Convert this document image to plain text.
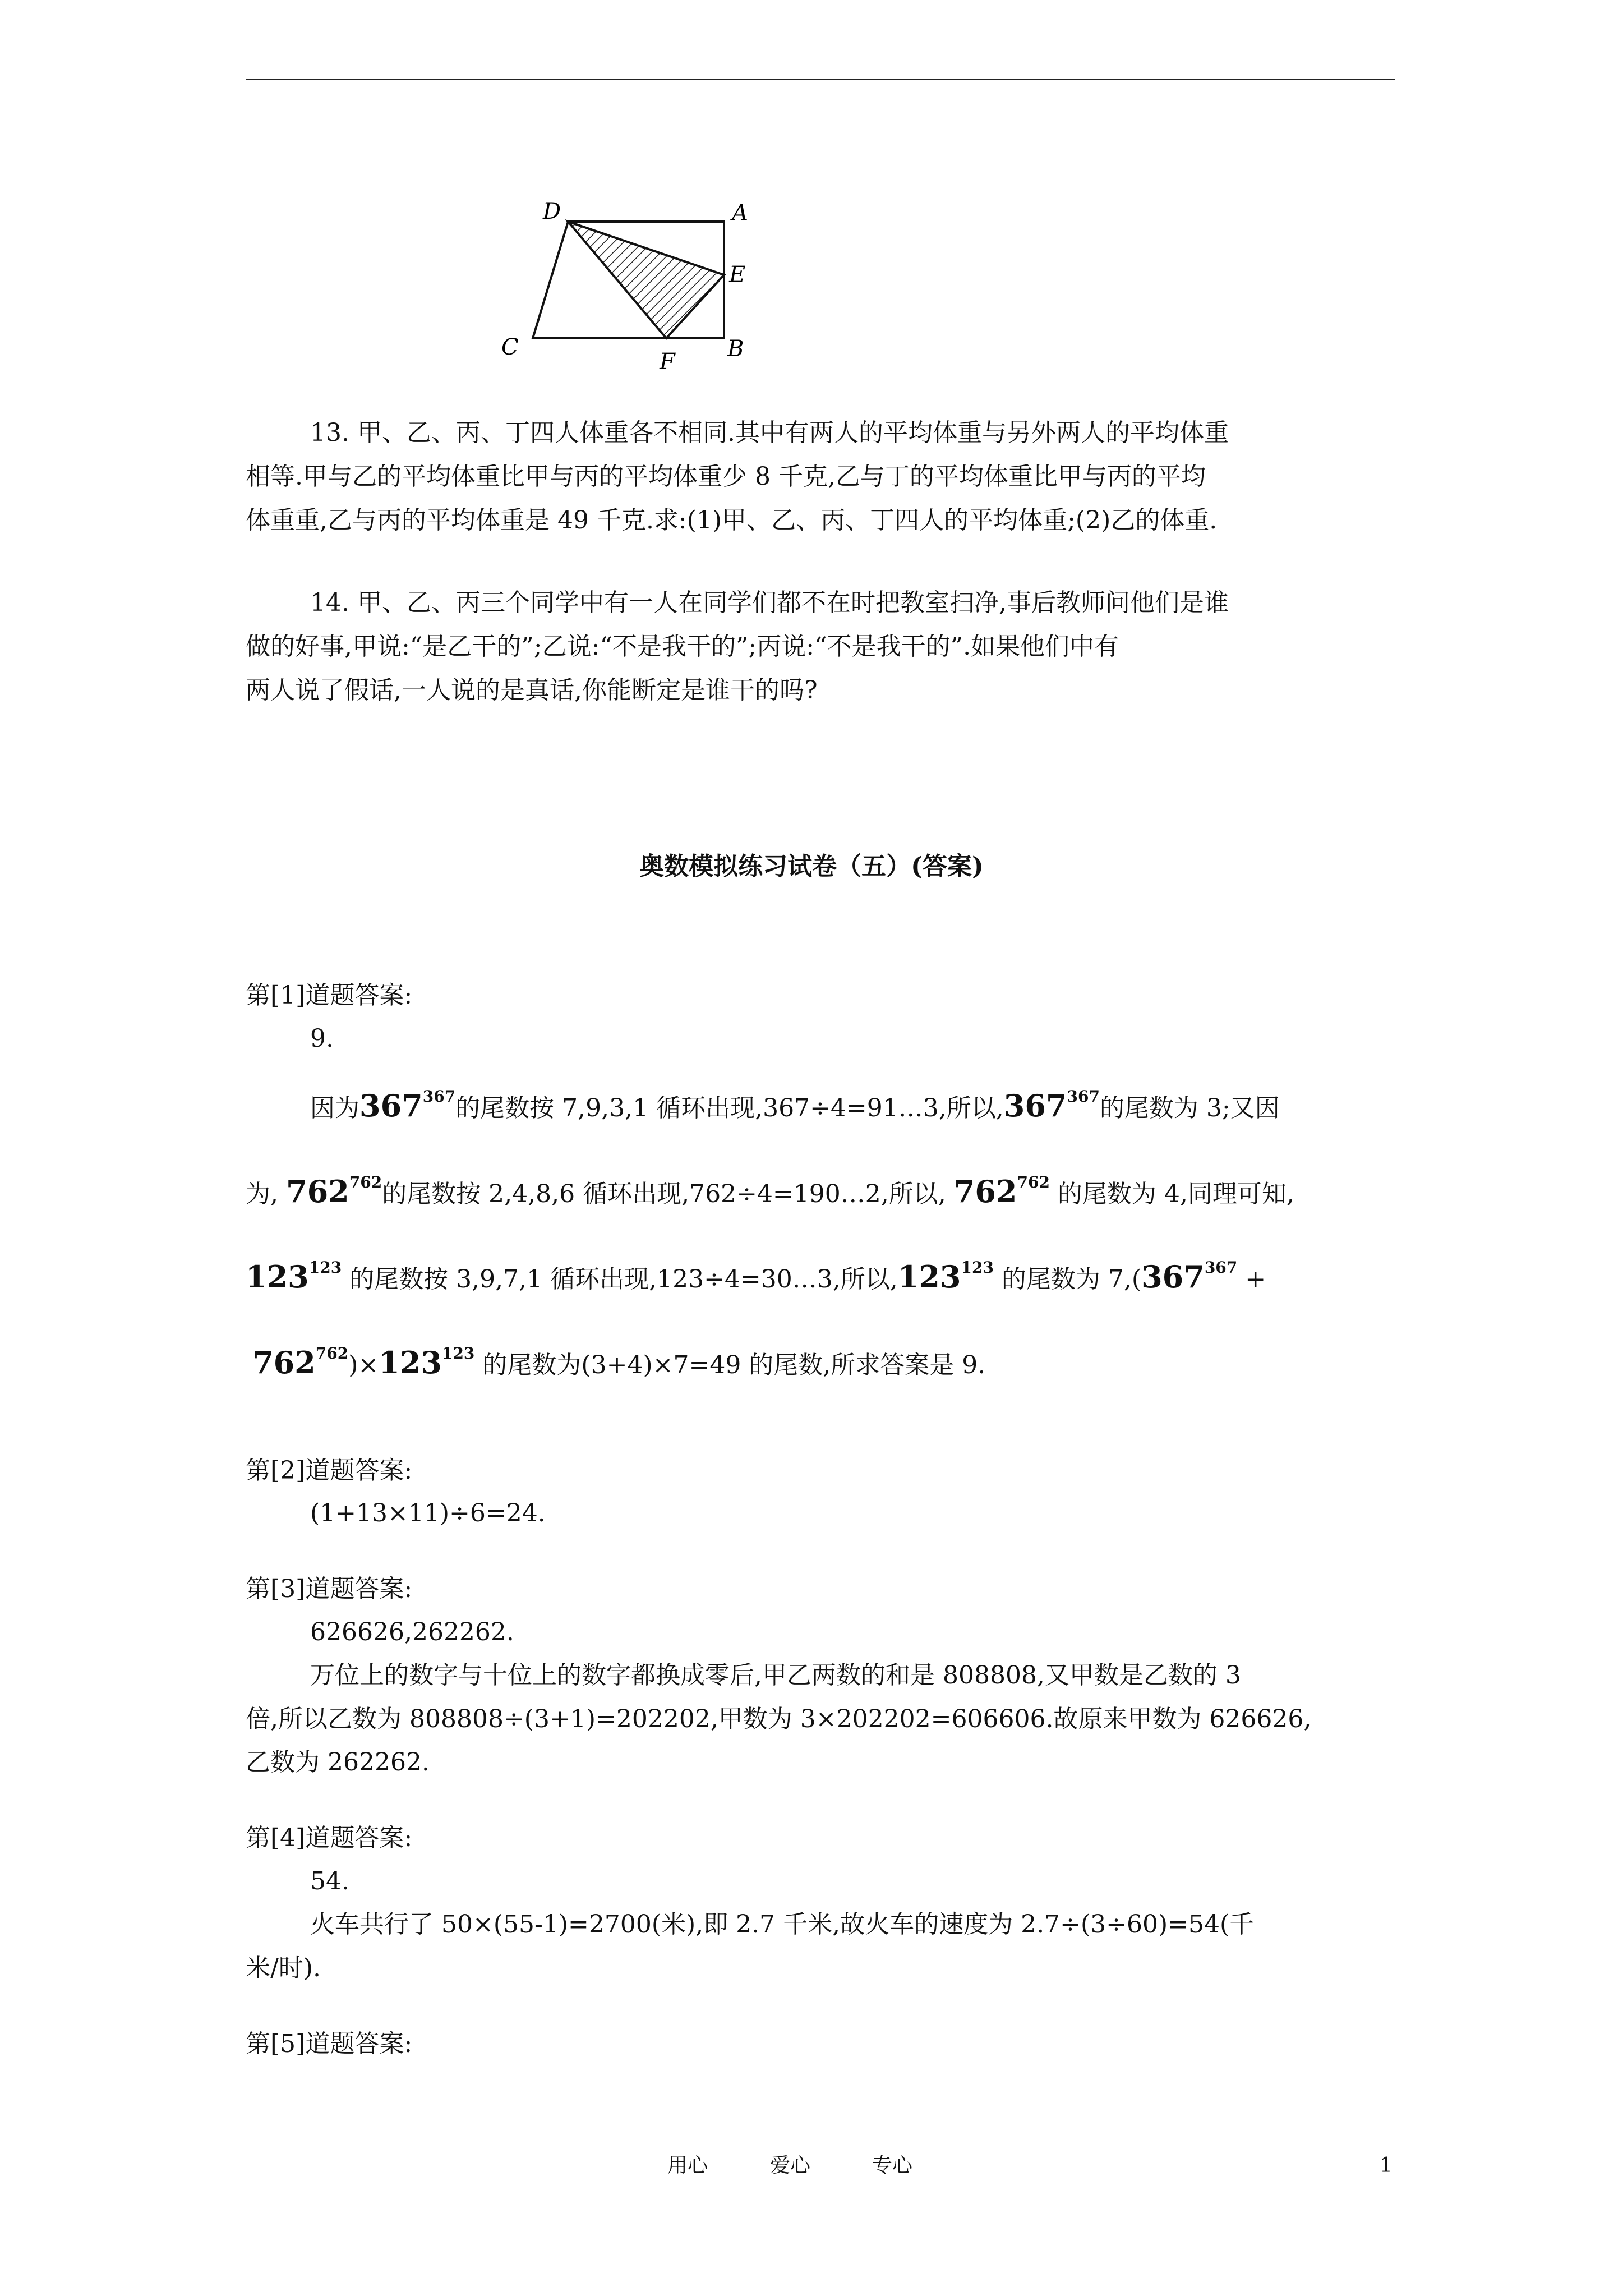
D	A
E
C
F B
13. 甲、乙、丙、丁四人体重各不相同.其中有两人的平均体重与另外两人的平均体重
相等.甲与乙的平均体重比甲与丙的平均体重少 8 千克,乙与丁的平均体重比甲与丙的平均
体重重,乙与丙的平均体重是 49 千克.求:(1)甲、乙、丙、丁四人的平均体重;(2)乙的体重.
14. 甲、乙、丙三个同学中有一人在同学们都不在时把教室扫净,事后教师问他们是谁
做的好事,甲说:“是乙干的”;乙说:“不是我干的”;丙说:“不是我干的”.如果他们中有
两人说了假话,一人说的是真话,你能断定是谁干的吗?
奥数模拟练习试卷（五）(答案)
第[1]道题答案:
9.
因为$367^{367}$的尾数按 7,9,3,1 循环出现,367÷4=91…3,所以,367$^{367}$的尾数为 3;又因
为, $762^{762}$的尾数按 2,4,8,6 循环出现,762÷4=190…2,所以, $762^{762}$ 的尾数为 4,同理可知,
$123^{123}$ 的尾数按 3,9,7,1 循环出现,123÷4=30…3,所以,123$^{123}$ 的尾数为 $7,(367^{367}$ +
$762^{762})\times 123^{123}$ 的尾数为(3+4)×7=49 的尾数,所求答案是 9.
第[2]道题答案:
(1+13×11)÷6=24.
第[3]道题答案:
626626,262262.
万位上的数字与十位上的数字都换成零后,甲乙两数的和是 808808,又甲数是乙数的 3
倍,所以乙数为 808808÷(3+1)=202202,甲数为 3×202202=606606.故原来甲数为 626626,
乙数为 262262.
第[4]道题答案:
54.
火车共行了 50×(55-1)=2700(米),即 2.7 千米,故火车的速度为 2.7÷(3÷60)=54(千
米/时).
第[5]道题答案:
用心	爱心	专心	1
